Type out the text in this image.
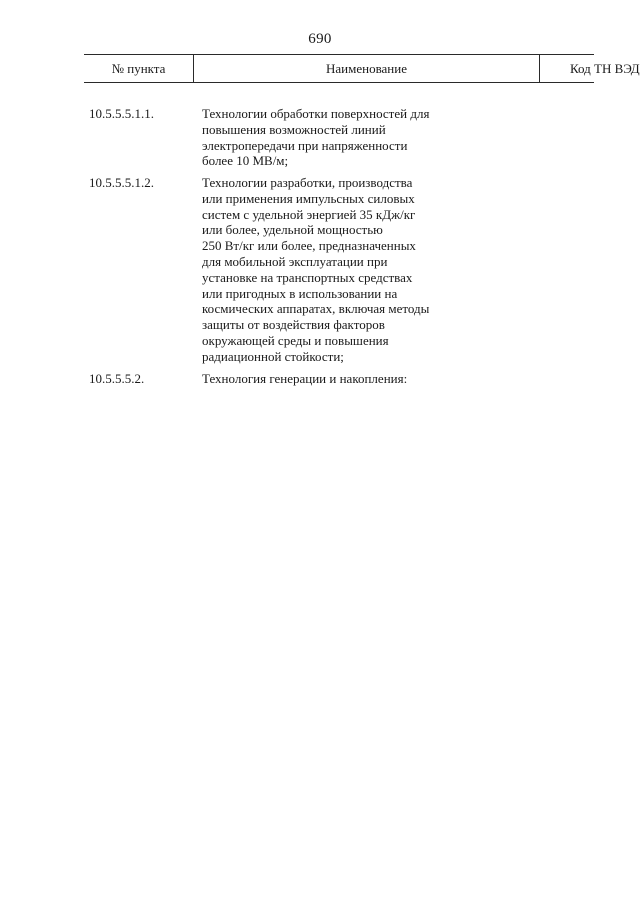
690
№ пункта	Наименование	Код ТН ВЭД
10.5.5.5.1.1.	Технологии обработки поверхностей для
повышения возможностей линий
электропередачи при напряженности
более 10 МВ/м;
10.5.5.5.1.2.	Технологии разработки, производства
или применения импульсных силовых
систем с удельной энергией 35 кДж/кг
или более, удельной мощностью
250 Вт/кг или более, предназначенных
для мобильной эксплуатации при
установке на транспортных средствах
или пригодных в использовании на
космических аппаратах, включая методы
защиты от воздействия факторов
окружающей среды и повышения
радиационной стойкости;
10.5.5.5.2.	Технология генерации и накопления:
